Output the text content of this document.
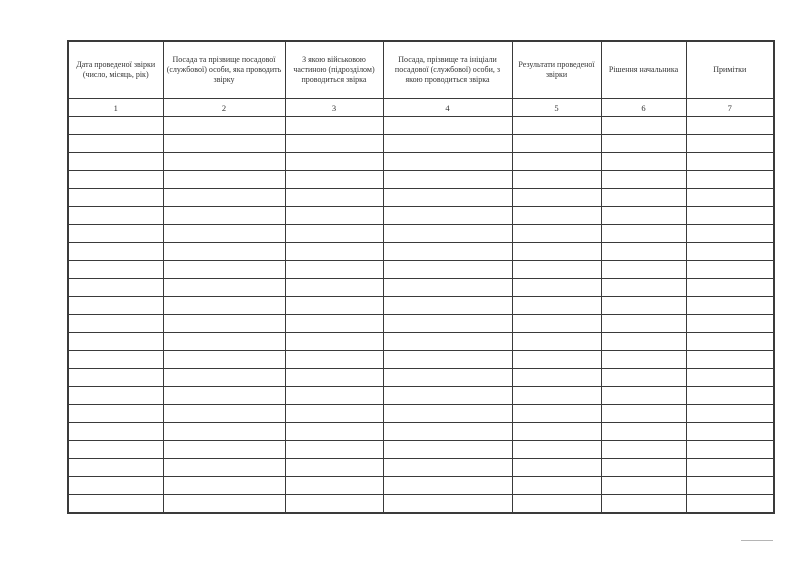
Дата проведеної звірки (число, місяць, рік)	Посада та прізвище посадової (службової) особи, яка проводить звірку	З якою військовою частиною (підрозділом) проводиться звірка	Посада, прізвище та ініціали посадової (службової) особи, з якою проводиться звірка	Результати проведеної звірки	Рішення начальника	Примітки
1	2	3	4	5	6	7
